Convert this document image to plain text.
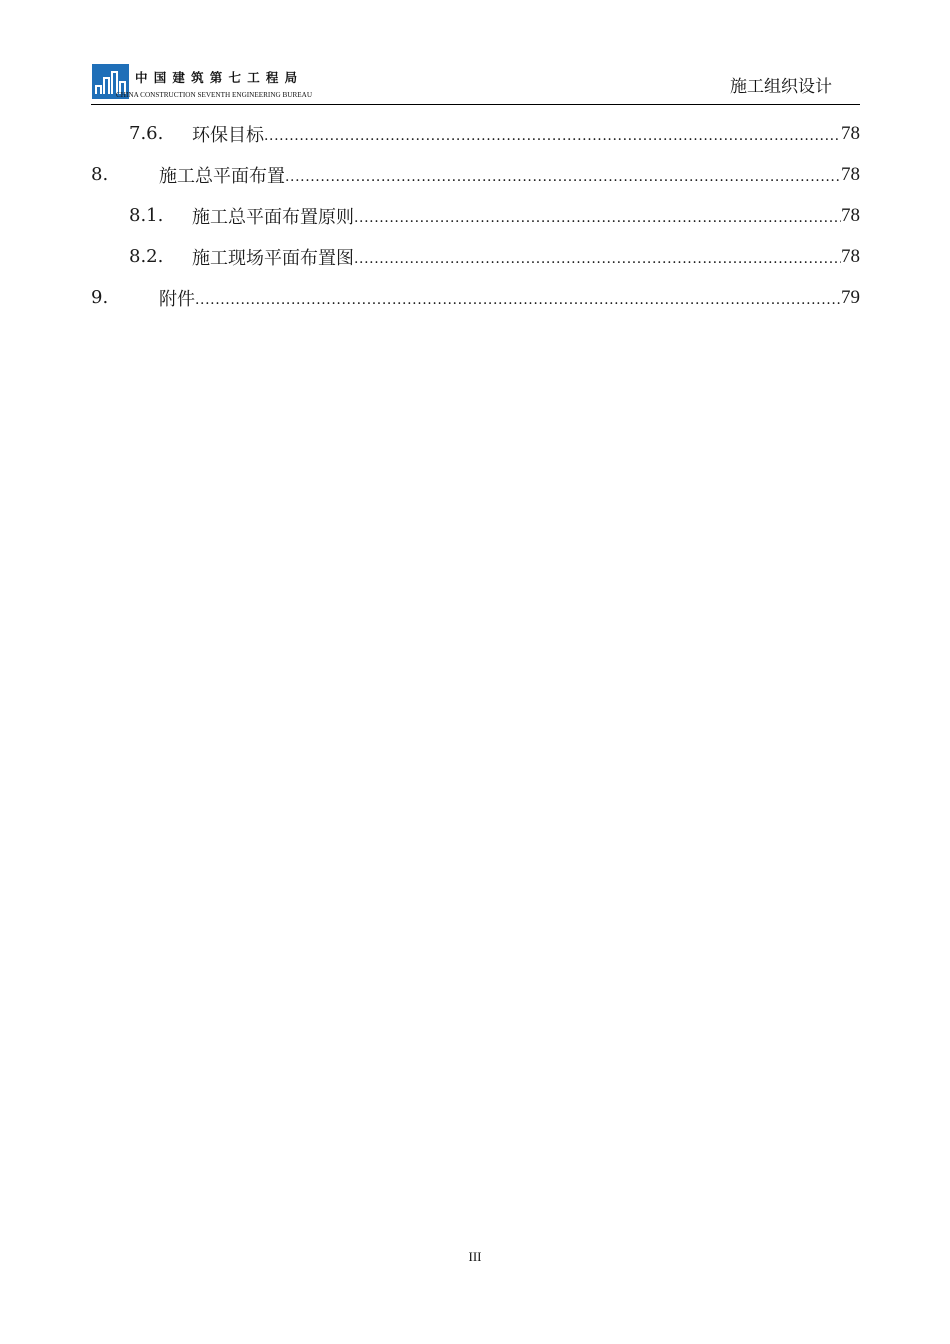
中国建筑第七工程局
CHINA CONSTRUCTION SEVENTH ENGINEERING BUREAU	施工组织设计
7.6.	环保目标 .....	78
8.	施工总平面布置 .....	78
8.1.	施工总平面布置原则 .....	78
8.2.	施工现场平面布置图 .....	78
9.	附件 .....	79
III
